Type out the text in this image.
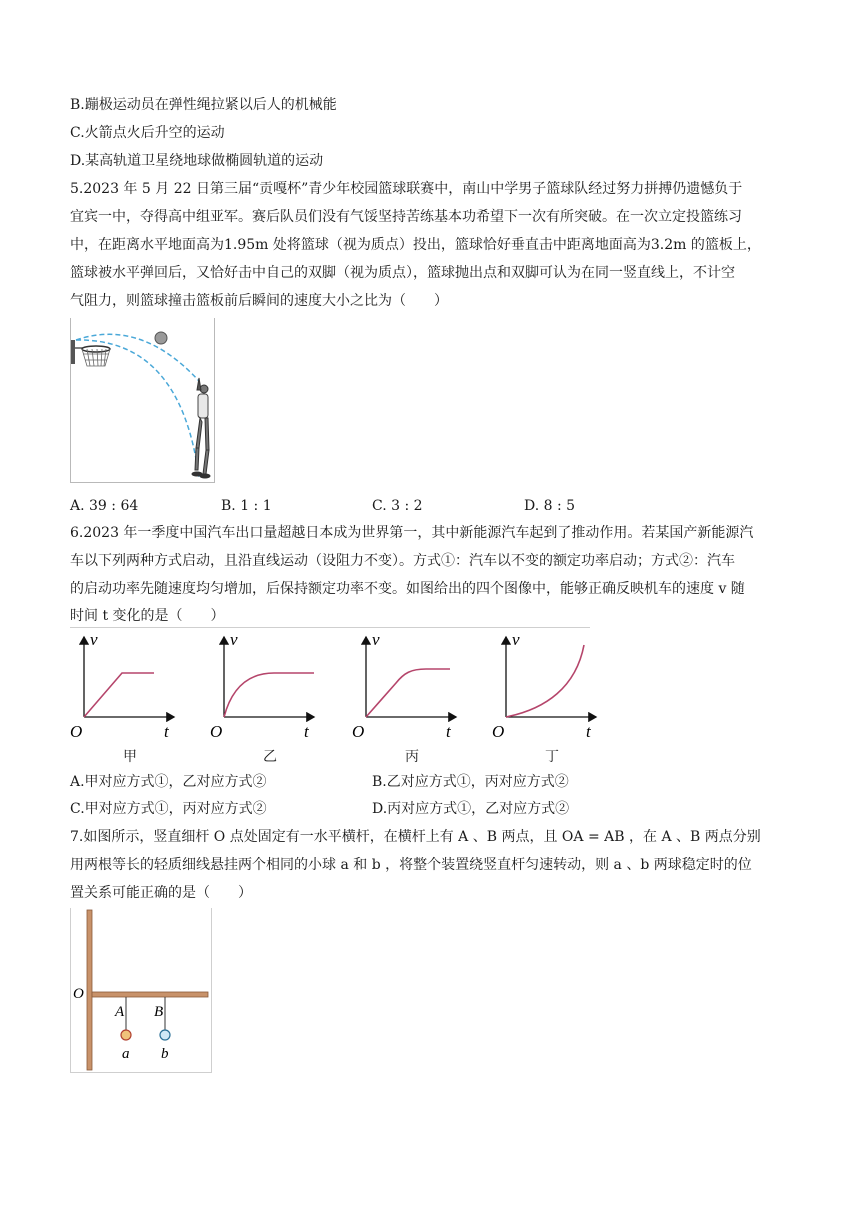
B.蹦极运动员在弹性绳拉紧以后人的机械能
C.火箭点火后升空的运动
D.某高轨道卫星绕地球做椭圆轨道的运动
5.2023 年 5 月 22 日第三届“贡嘎杯”青少年校园篮球联赛中，南山中学男子篮球队经过努力拼搏仍遗憾负于
宜宾一中，夺得高中组亚军。赛后队员们没有气馁坚持苦练基本功希望下一次有所突破。在一次立定投篮练习
中，在距离水平地面高为1.95m 处将篮球（视为质点）投出，篮球恰好垂直击中距离地面高为3.2m 的篮板上，
篮球被水平弹回后，又恰好击中自己的双脚（视为质点），篮球抛出点和双脚可认为在同一竖直线上，不计空
气阻力，则篮球撞击篮板前后瞬间的速度大小之比为（　　）
A. 39 : 64	B. 1 : 1	C. 3 : 2	D. 8 : 5
6.2023 年一季度中国汽车出口量超越日本成为世界第一，其中新能源汽车起到了推动作用。若某国产新能源汽
车以下列两种方式启动，且沿直线运动（设阻力不变）。方式①：汽车以不变的额定功率启动；方式②：汽车
的启动功率先随速度均匀增加，后保持额定功率不变。如图给出的四个图像中，能够正确反映机车的速度 v 随
时间 t 变化的是（　　）
v
t
O
v
t
O
v
t
O
v
t
O
甲	乙	丙	丁
A.甲对应方式①，乙对应方式②	B.乙对应方式①，丙对应方式②
C.甲对应方式①，丙对应方式②	D.丙对应方式①，乙对应方式②
7.如图所示，竖直细杆 O 点处固定有一水平横杆，在横杆上有 A 、B 两点，且 OA = AB ，在 A 、B 两点分别
用两根等长的轻质细线悬挂两个相同的小球 a 和 b ，将整个装置绕竖直杆匀速转动，则 a 、b 两球稳定时的位
置关系可能正确的是（　　）
O
A B
a b
